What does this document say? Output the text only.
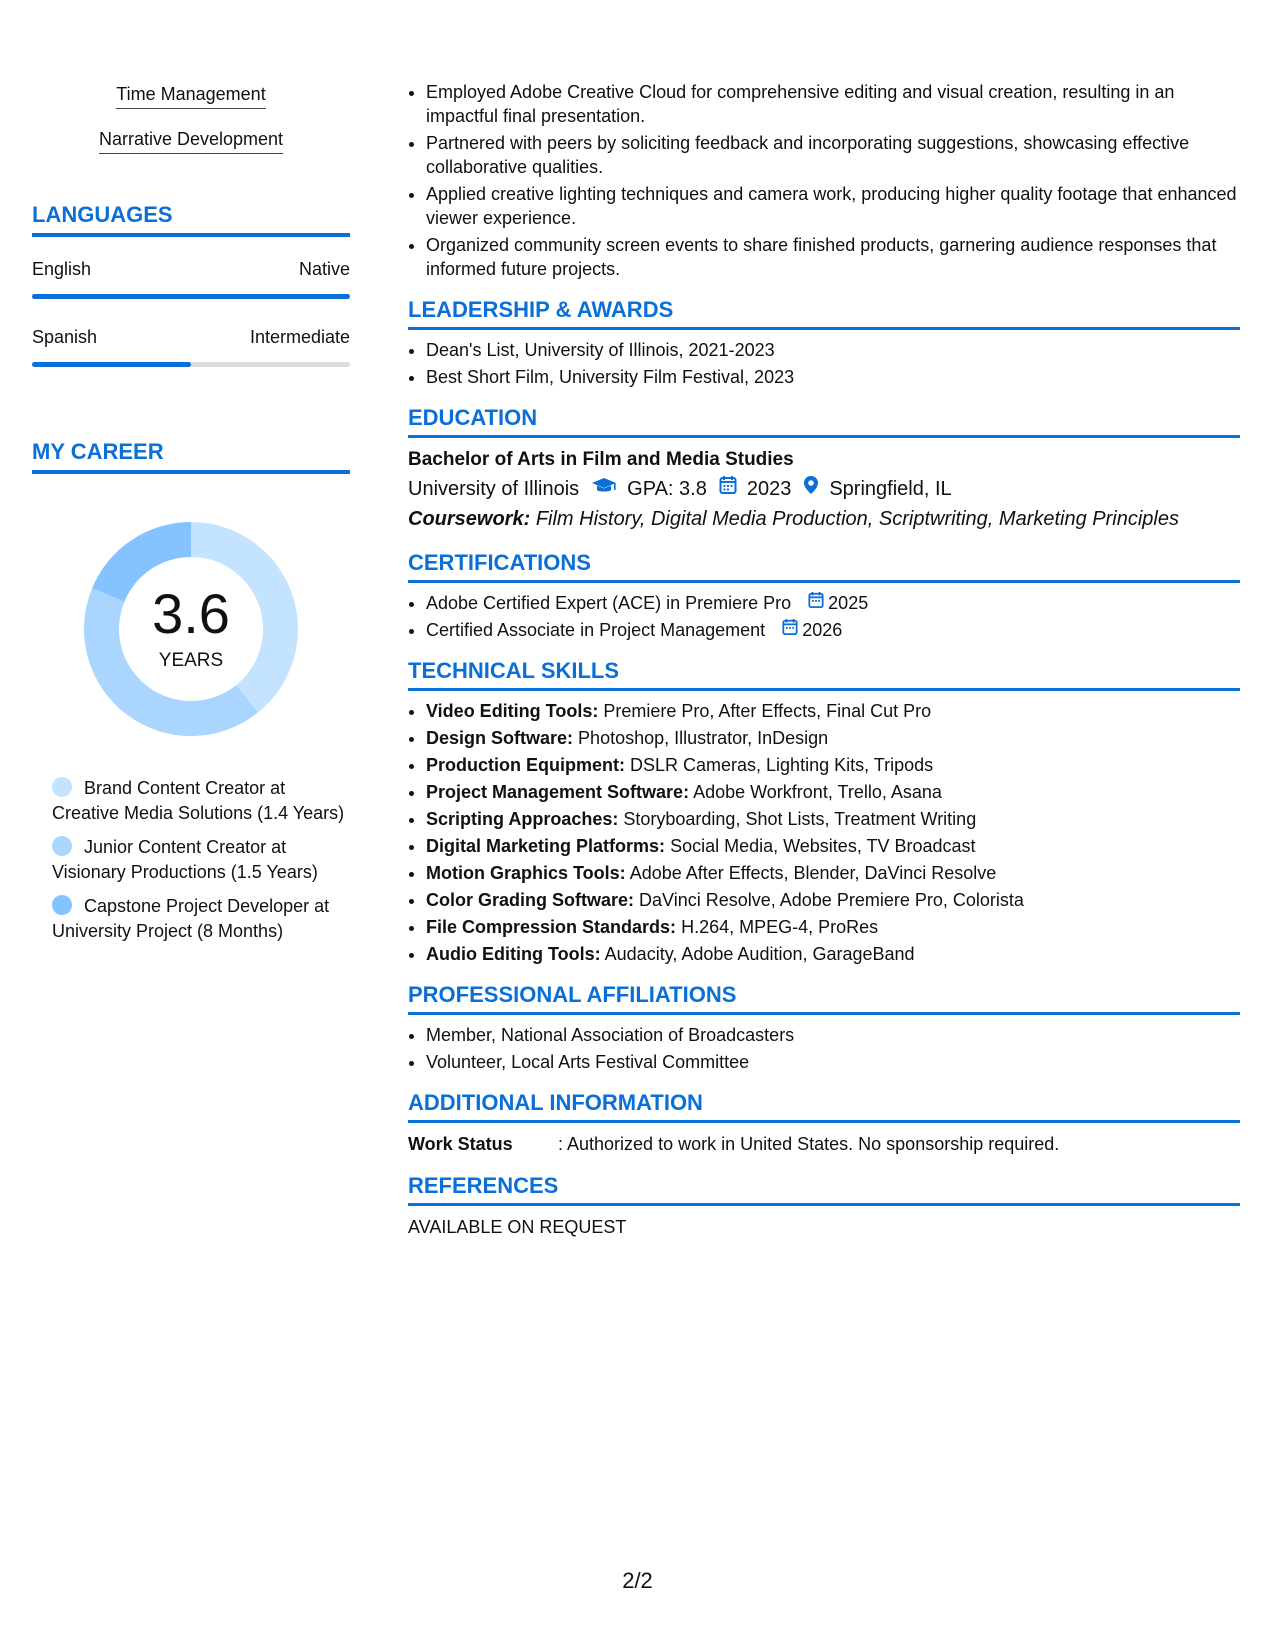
Time Management
Narrative Development
LANGUAGES
English	Native
Spanish	Intermediate
MY CAREER
3.6
YEARS
Brand Content Creator at Creative Media Solutions (1.4 Years)
Junior Content Creator at Visionary Productions (1.5 Years)
Capstone Project Developer at University Project (8 Months)
• Employed Adobe Creative Cloud for comprehensive editing and visual creation, resulting in an impactful final presentation.
• Partnered with peers by soliciting feedback and incorporating suggestions, showcasing effective collaborative qualities.
• Applied creative lighting techniques and camera work, producing higher quality footage that enhanced viewer experience.
• Organized community screen events to share finished products, garnering audience responses that informed future projects.
LEADERSHIP & AWARDS
• Dean's List, University of Illinois, 2021-2023
• Best Short Film, University Film Festival, 2023
EDUCATION
Bachelor of Arts in Film and Media Studies
University of Illinois GPA: 3.8 2023 Springfield, IL
Coursework: Film History, Digital Media Production, Scriptwriting, Marketing Principles
CERTIFICATIONS
• Adobe Certified Expert (ACE) in Premiere Pro 2025
• Certified Associate in Project Management 2026
TECHNICAL SKILLS
• Video Editing Tools: Premiere Pro, After Effects, Final Cut Pro
• Design Software: Photoshop, Illustrator, InDesign
• Production Equipment: DSLR Cameras, Lighting Kits, Tripods
• Project Management Software: Adobe Workfront, Trello, Asana
• Scripting Approaches: Storyboarding, Shot Lists, Treatment Writing
• Digital Marketing Platforms: Social Media, Websites, TV Broadcast
• Motion Graphics Tools: Adobe After Effects, Blender, DaVinci Resolve
• Color Grading Software: DaVinci Resolve, Adobe Premiere Pro, Colorista
• File Compression Standards: H.264, MPEG-4, ProRes
• Audio Editing Tools: Audacity, Adobe Audition, GarageBand
PROFESSIONAL AFFILIATIONS
• Member, National Association of Broadcasters
• Volunteer, Local Arts Festival Committee
ADDITIONAL INFORMATION
Work Status	: Authorized to work in United States. No sponsorship required.
REFERENCES
AVAILABLE ON REQUEST
2/2
